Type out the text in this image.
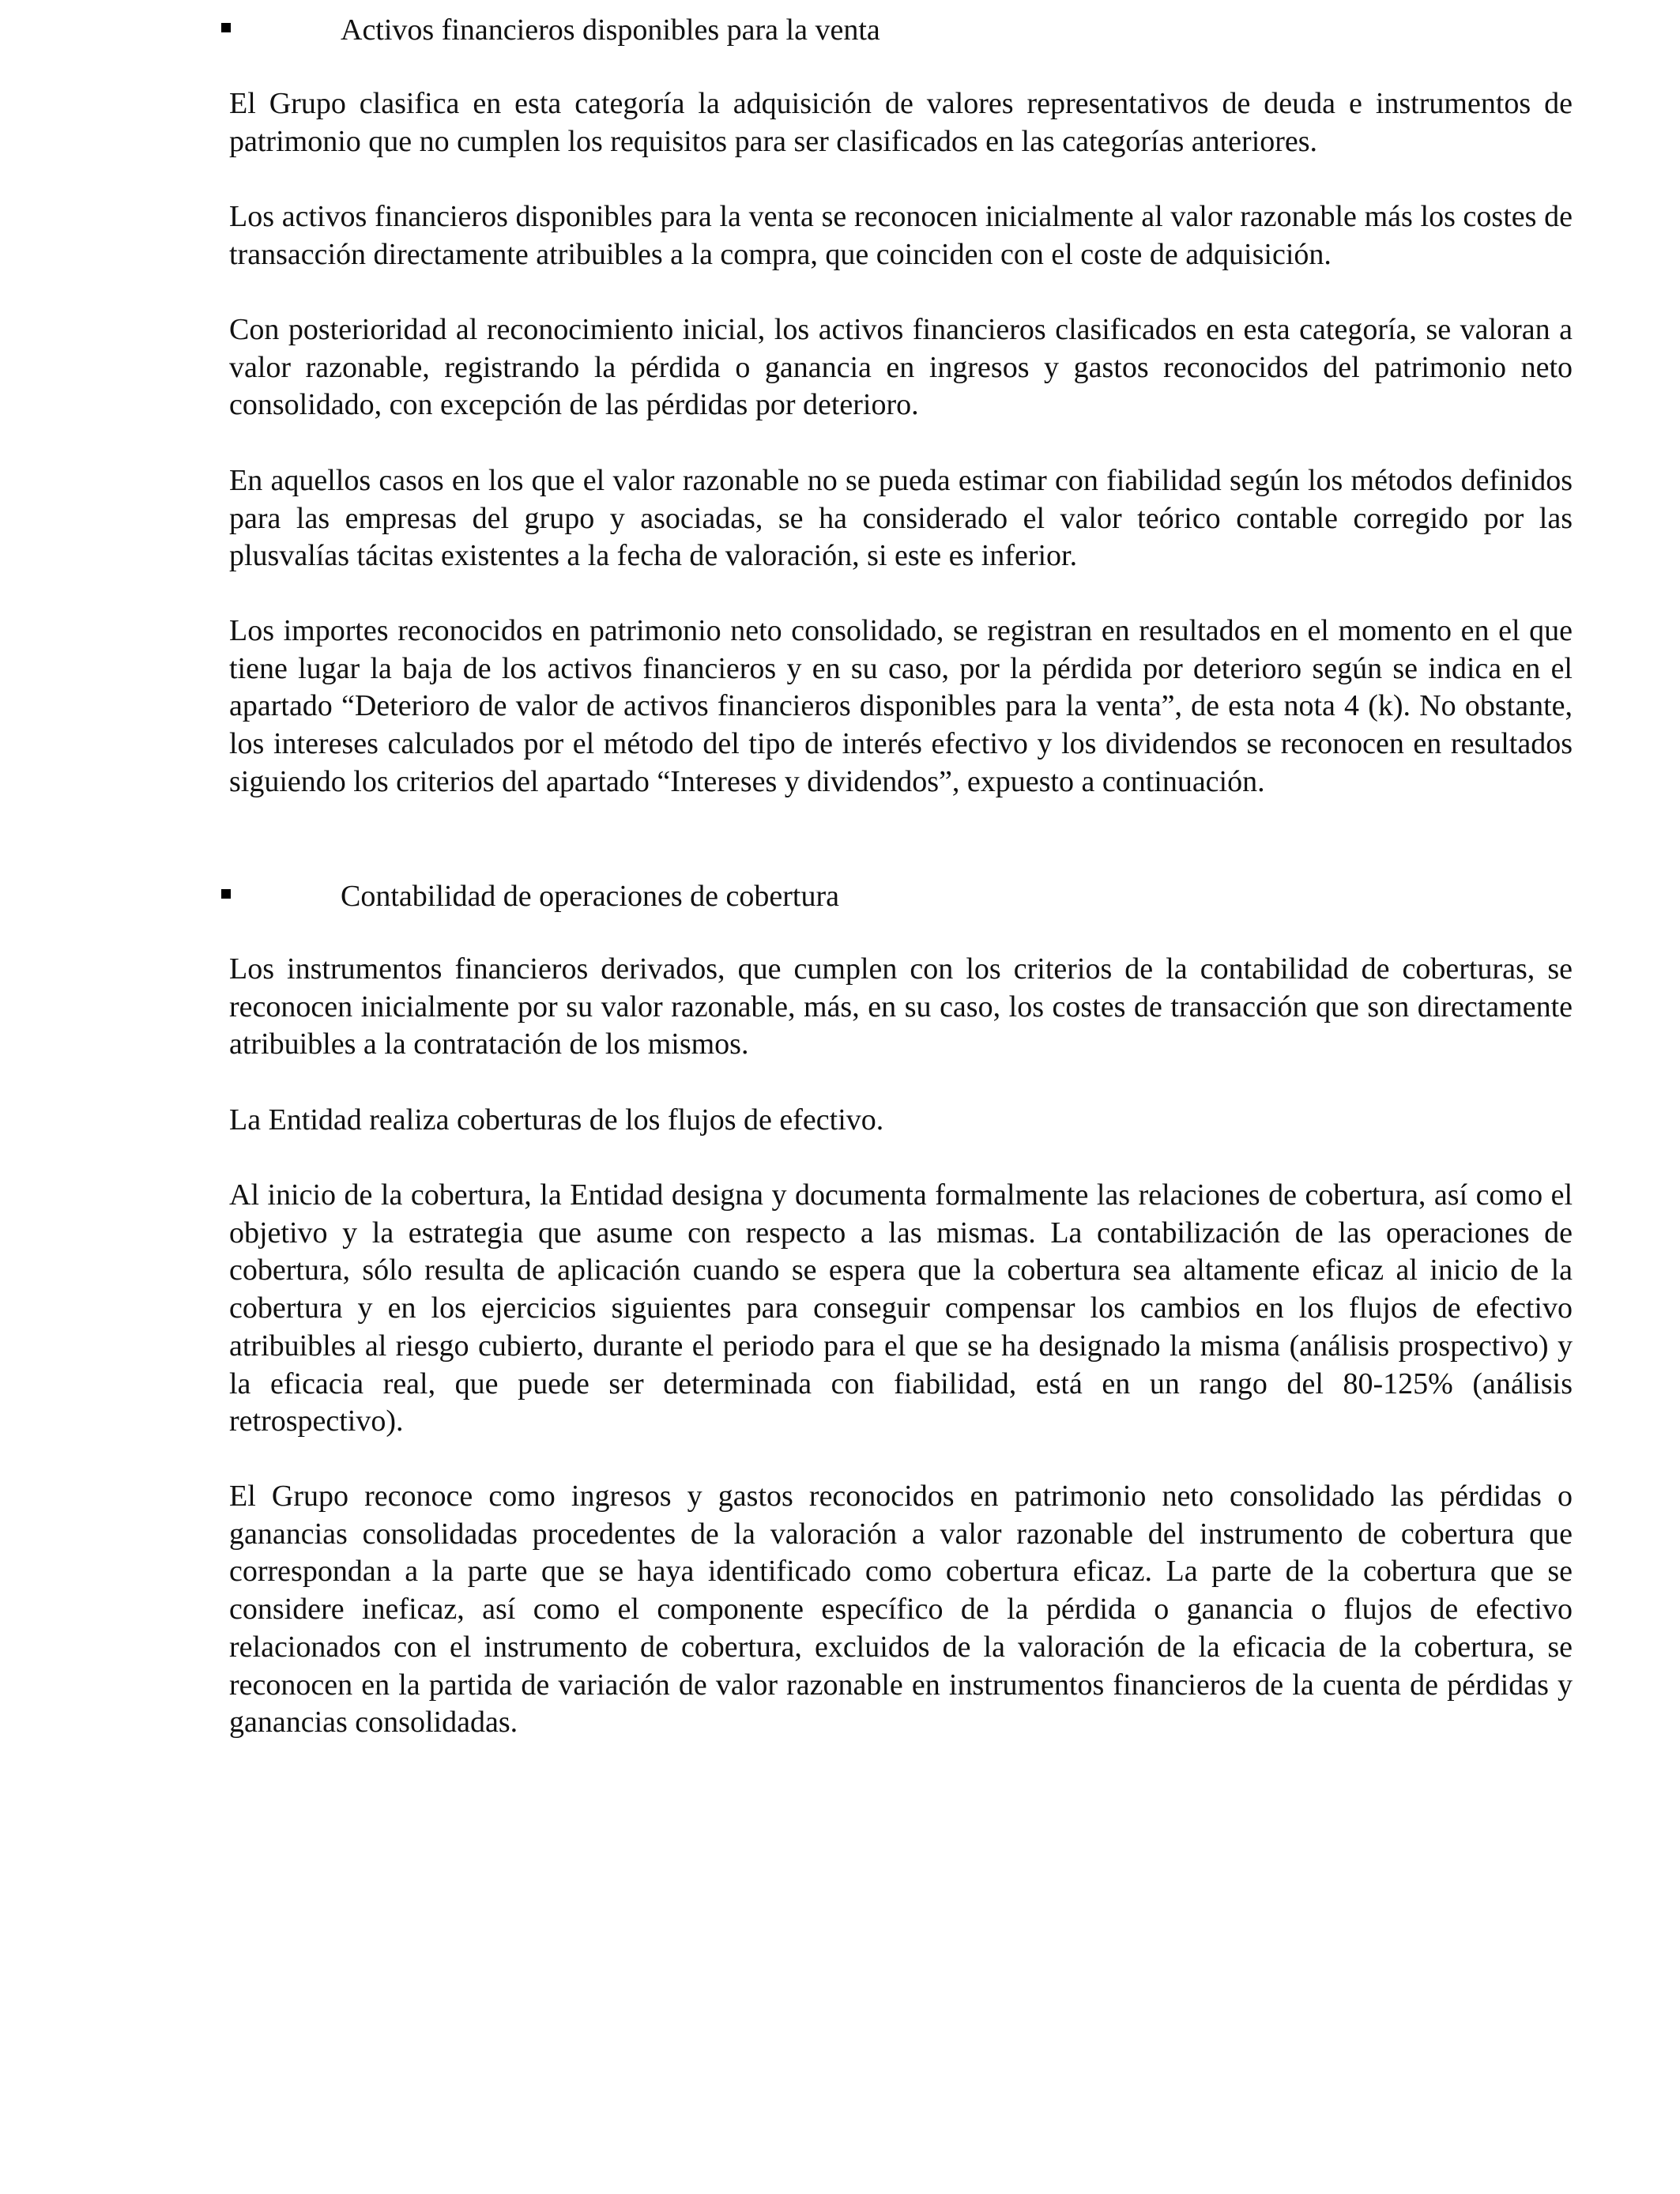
Activos financieros disponibles para la venta

El Grupo clasifica en esta categoría la adquisición de valores representativos de deuda e instrumentos de patrimonio que no cumplen los requisitos para ser clasificados en las categorías anteriores.

Los activos financieros disponibles para la venta se reconocen inicialmente al valor razonable más los costes de transacción directamente atribuibles a la compra, que coinciden con el coste de adquisición.

Con posterioridad al reconocimiento inicial, los activos financieros clasificados en esta categoría, se valoran a valor razonable, registrando la pérdida o ganancia en ingresos y gastos reconocidos del patrimonio neto consolidado, con excepción de las pérdidas por deterioro.

En aquellos casos en los que el valor razonable no se pueda estimar con fiabilidad según los métodos definidos para las empresas del grupo y asociadas, se ha considerado el valor teórico contable corregido por las plusvalías tácitas existentes a la fecha de valoración, si este es inferior.

Los importes reconocidos en patrimonio neto consolidado, se registran en resultados en el momento en el que tiene lugar la baja de los activos financieros y en su caso, por la pérdida por deterioro según se indica en el apartado “Deterioro de valor de activos financieros disponibles para la venta”, de esta nota 4 (k). No obstante, los intereses calculados por el método del tipo de interés efectivo y los dividendos se reconocen en resultados siguiendo los criterios del apartado “Intereses y dividendos”, expuesto a continuación.

Contabilidad de operaciones de cobertura

Los instrumentos financieros derivados, que cumplen con los criterios de la contabilidad de coberturas, se reconocen inicialmente por su valor razonable, más, en su caso, los costes de transacción que son directamente atribuibles a la contratación de los mismos.

La Entidad realiza coberturas de los flujos de efectivo.

Al inicio de la cobertura, la Entidad designa y documenta formalmente las relaciones de cobertura, así como el objetivo y la estrategia que asume con respecto a las mismas. La contabilización de las operaciones de cobertura, sólo resulta de aplicación cuando se espera que la cobertura sea altamente eficaz al inicio de la cobertura y en los ejercicios siguientes para conseguir compensar los cambios en los flujos de efectivo atribuibles al riesgo cubierto, durante el periodo para el que se ha designado la misma (análisis prospectivo) y la eficacia real, que puede ser determinada con fiabilidad, está en un rango del 80-125% (análisis retrospectivo).

El Grupo reconoce como ingresos y gastos reconocidos en patrimonio neto consolidado las pérdidas o ganancias consolidadas procedentes de la valoración a valor razonable del instrumento de cobertura que correspondan a la parte que se haya identificado como cobertura eficaz. La parte de la cobertura que se considere ineficaz, así como el componente específico de la pérdida o ganancia o flujos de efectivo relacionados con el instrumento de cobertura, excluidos de la valoración de la eficacia de la cobertura, se reconocen en la partida de variación de valor razonable en instrumentos financieros de la cuenta de pérdidas y ganancias consolidadas.
